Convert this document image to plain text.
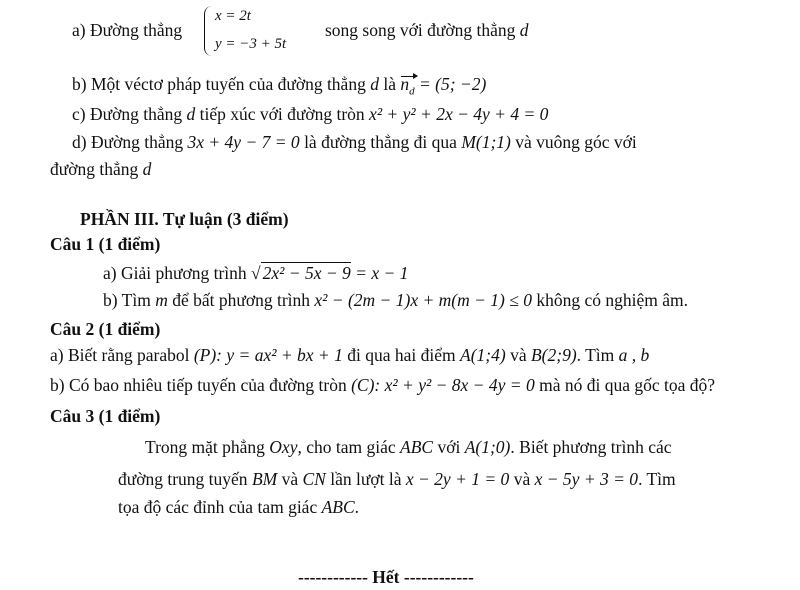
a) Đường thẳng
x = 2t
y = −3 + 5t
song song với đường thẳng d
b) Một véctơ pháp tuyến của đường thẳng d là $n_d = (5$; −2)
c) Đường thẳng d tiếp xúc với đường tròn x² + y² + 2x − 4y + 4 = 0
d) Đường thẳng 3x + 4y − 7 = 0 là đường thẳng đi qua M(1;1) và vuông góc với
đường thẳng d
PHẦN III. Tự luận (3 điểm)
Câu 1 (1 điểm)
a) Giải phương trình √ 2x² − 5x − 9 = x − 1
b) Tìm m để bất phương trình x² − (2m − 1)x + m(m − 1) ≤ 0 không có nghiệm âm.
Câu 2 (1 điểm)
a) Biết rằng parabol (P): y = ax² + bx + 1 đi qua hai điểm A(1;4) và B(2;9). Tìm a , b
b) Có bao nhiêu tiếp tuyến của đường tròn (C): x² + y² − 8x − 4y = 0 mà nó đi qua gốc tọa độ?
Câu 3 (1 điểm)
Trong mặt phẳng Oxy, cho tam giác ABC với A(1;0). Biết phương trình các
đường trung tuyến BM và CN lần lượt là x − 2y + 1 = 0 và x − 5y + 3 = 0. Tìm
tọa độ các đỉnh của tam giác ABC.
------------ Hết ------------
